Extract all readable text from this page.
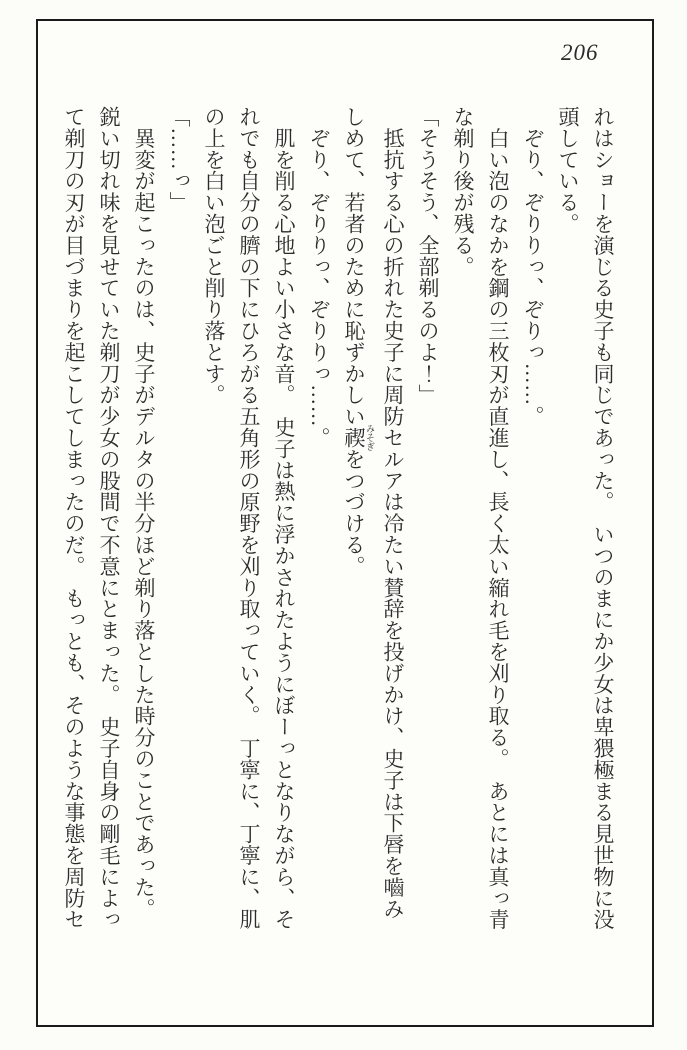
206
れはショーを演じる史子も同じであった。　いつのまにか少女は卑猥極まる見世物に没
頭している。
　ぞり、ぞりりっ、ぞりっ……。
　白い泡のなかを鋼の三枚刃が直進し、長く太い縮れ毛を刈り取る。　あとには真っ青
な剃り後が残る。
「そうそう、全部剃るのよ！」
　抵抗する心の折れた史子に周防セルアは冷たい賛辞を投げかけ、史子は下唇を嚙み
しめて、若者のために恥ずかしい禊 みそぎをつづける。
　ぞり、ぞりりっ、ぞりりっ……。
　肌を削る心地よい小さな音。　史子は熱に浮かされたようにぼーっとなりながら、そ
れでも自分の臍の下にひろがる五角形の原野を刈り取っていく。　丁寧に、丁寧に、肌
の上を白い泡ごと削り落とす。
「……っ」
　異変が起こったのは、史子がデルタの半分ほど剃り落とした時分のことであった。
鋭い切れ味を見せていた剃刀が少女の股間で不意にとまった。　史子自身の剛毛によっ
て剃刀の刃が目づまりを起こしてしまったのだ。　もっとも、そのような事態を周防セ
